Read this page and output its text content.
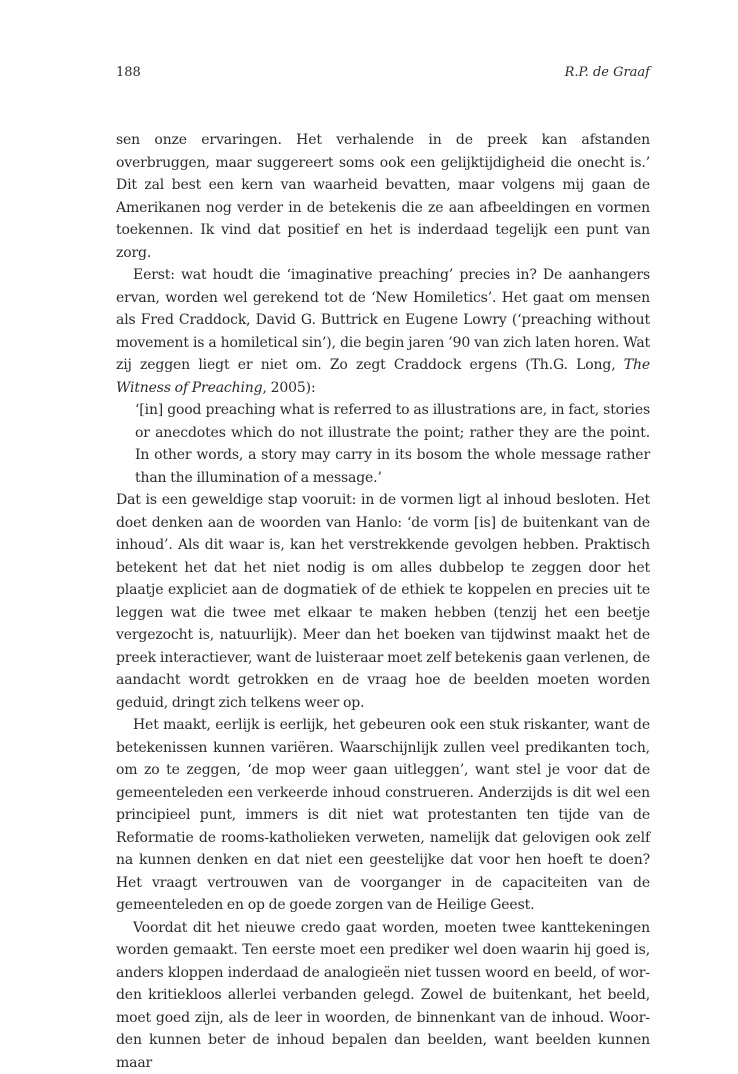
188	R.P. de Graaf

sen onze ervaringen. Het verhalende in de preek kan afstanden overbruggen, maar suggereert soms ook een gelijktijdigheid die onecht is.’ Dit zal best een kern van waarheid bevatten, maar volgens mij gaan de Amerikanen nog verder in de betekenis die ze aan afbeeldingen en vormen toekennen. Ik vind dat positief en het is inderdaad tegelijk een punt van zorg.

Eerst: wat houdt die ‘imaginative preaching’ precies in? De aanhangers ervan, worden wel gerekend tot de ‘New Homiletics’. Het gaat om mensen als Fred Craddock, David G. Buttrick en Eugene Lowry (‘preaching without movement is a homiletical sin’), die begin jaren ’90 van zich laten horen. Wat zij zeggen liegt er niet om. Zo zegt Craddock ergens (Th.G. Long, The Witness of Preaching, 2005):

‘[in] good preaching what is referred to as illustrations are, in fact, stories or anecdotes which do not illustrate the point; rather they are the point. In other words, a story may carry in its bosom the whole message rather than the illumination of a message.’

Dat is een geweldige stap vooruit: in de vormen ligt al inhoud besloten. Het doet denken aan de woorden van Hanlo: ‘de vorm [is] de buitenkant van de inhoud’. Als dit waar is, kan het verstrekkende gevolgen hebben. Praktisch betekent het dat het niet nodig is om alles dubbelop te zeggen door het plaatje expliciet aan de dogmatiek of de ethiek te koppelen en precies uit te leggen wat die twee met elkaar te maken hebben (tenzij het een beetje vergezocht is, natuurlijk). Meer dan het boeken van tijdwinst maakt het de preek interactiever, want de luisteraar moet zelf betekenis gaan verlenen, de aandacht wordt getrokken en de vraag hoe de beelden moeten worden geduid, dringt zich telkens weer op.

Het maakt, eerlijk is eerlijk, het gebeuren ook een stuk riskanter, want de betekenissen kunnen variëren. Waarschijnlijk zullen veel predikanten toch, om zo te zeggen, ‘de mop weer gaan uitleggen’, want stel je voor dat de gemeenteleden een verkeerde inhoud construeren. Anderzijds is dit wel een principieel punt, immers is dit niet wat protestanten ten tijde van de Reformatie de rooms-katholieken verweten, namelijk dat gelovigen ook zelf na kunnen denken en dat niet een geestelijke dat voor hen hoeft te doen? Het vraagt vertrouwen van de voorganger in de capaciteiten van de gemeenteleden en op de goede zorgen van de Heilige Geest.

Voordat dit het nieuwe credo gaat worden, moeten twee kanttekeningen worden gemaakt. Ten eerste moet een prediker wel doen waarin hij goed is, anders kloppen inderdaad de analogieën niet tussen woord en beeld, of worden kritiekloos allerlei verbanden gelegd. Zowel de buitenkant, het beeld, moet goed zijn, als de leer in woorden, de binnenkant van de inhoud. Woorden kunnen beter de inhoud bepalen dan beelden, want beelden kunnen maar
